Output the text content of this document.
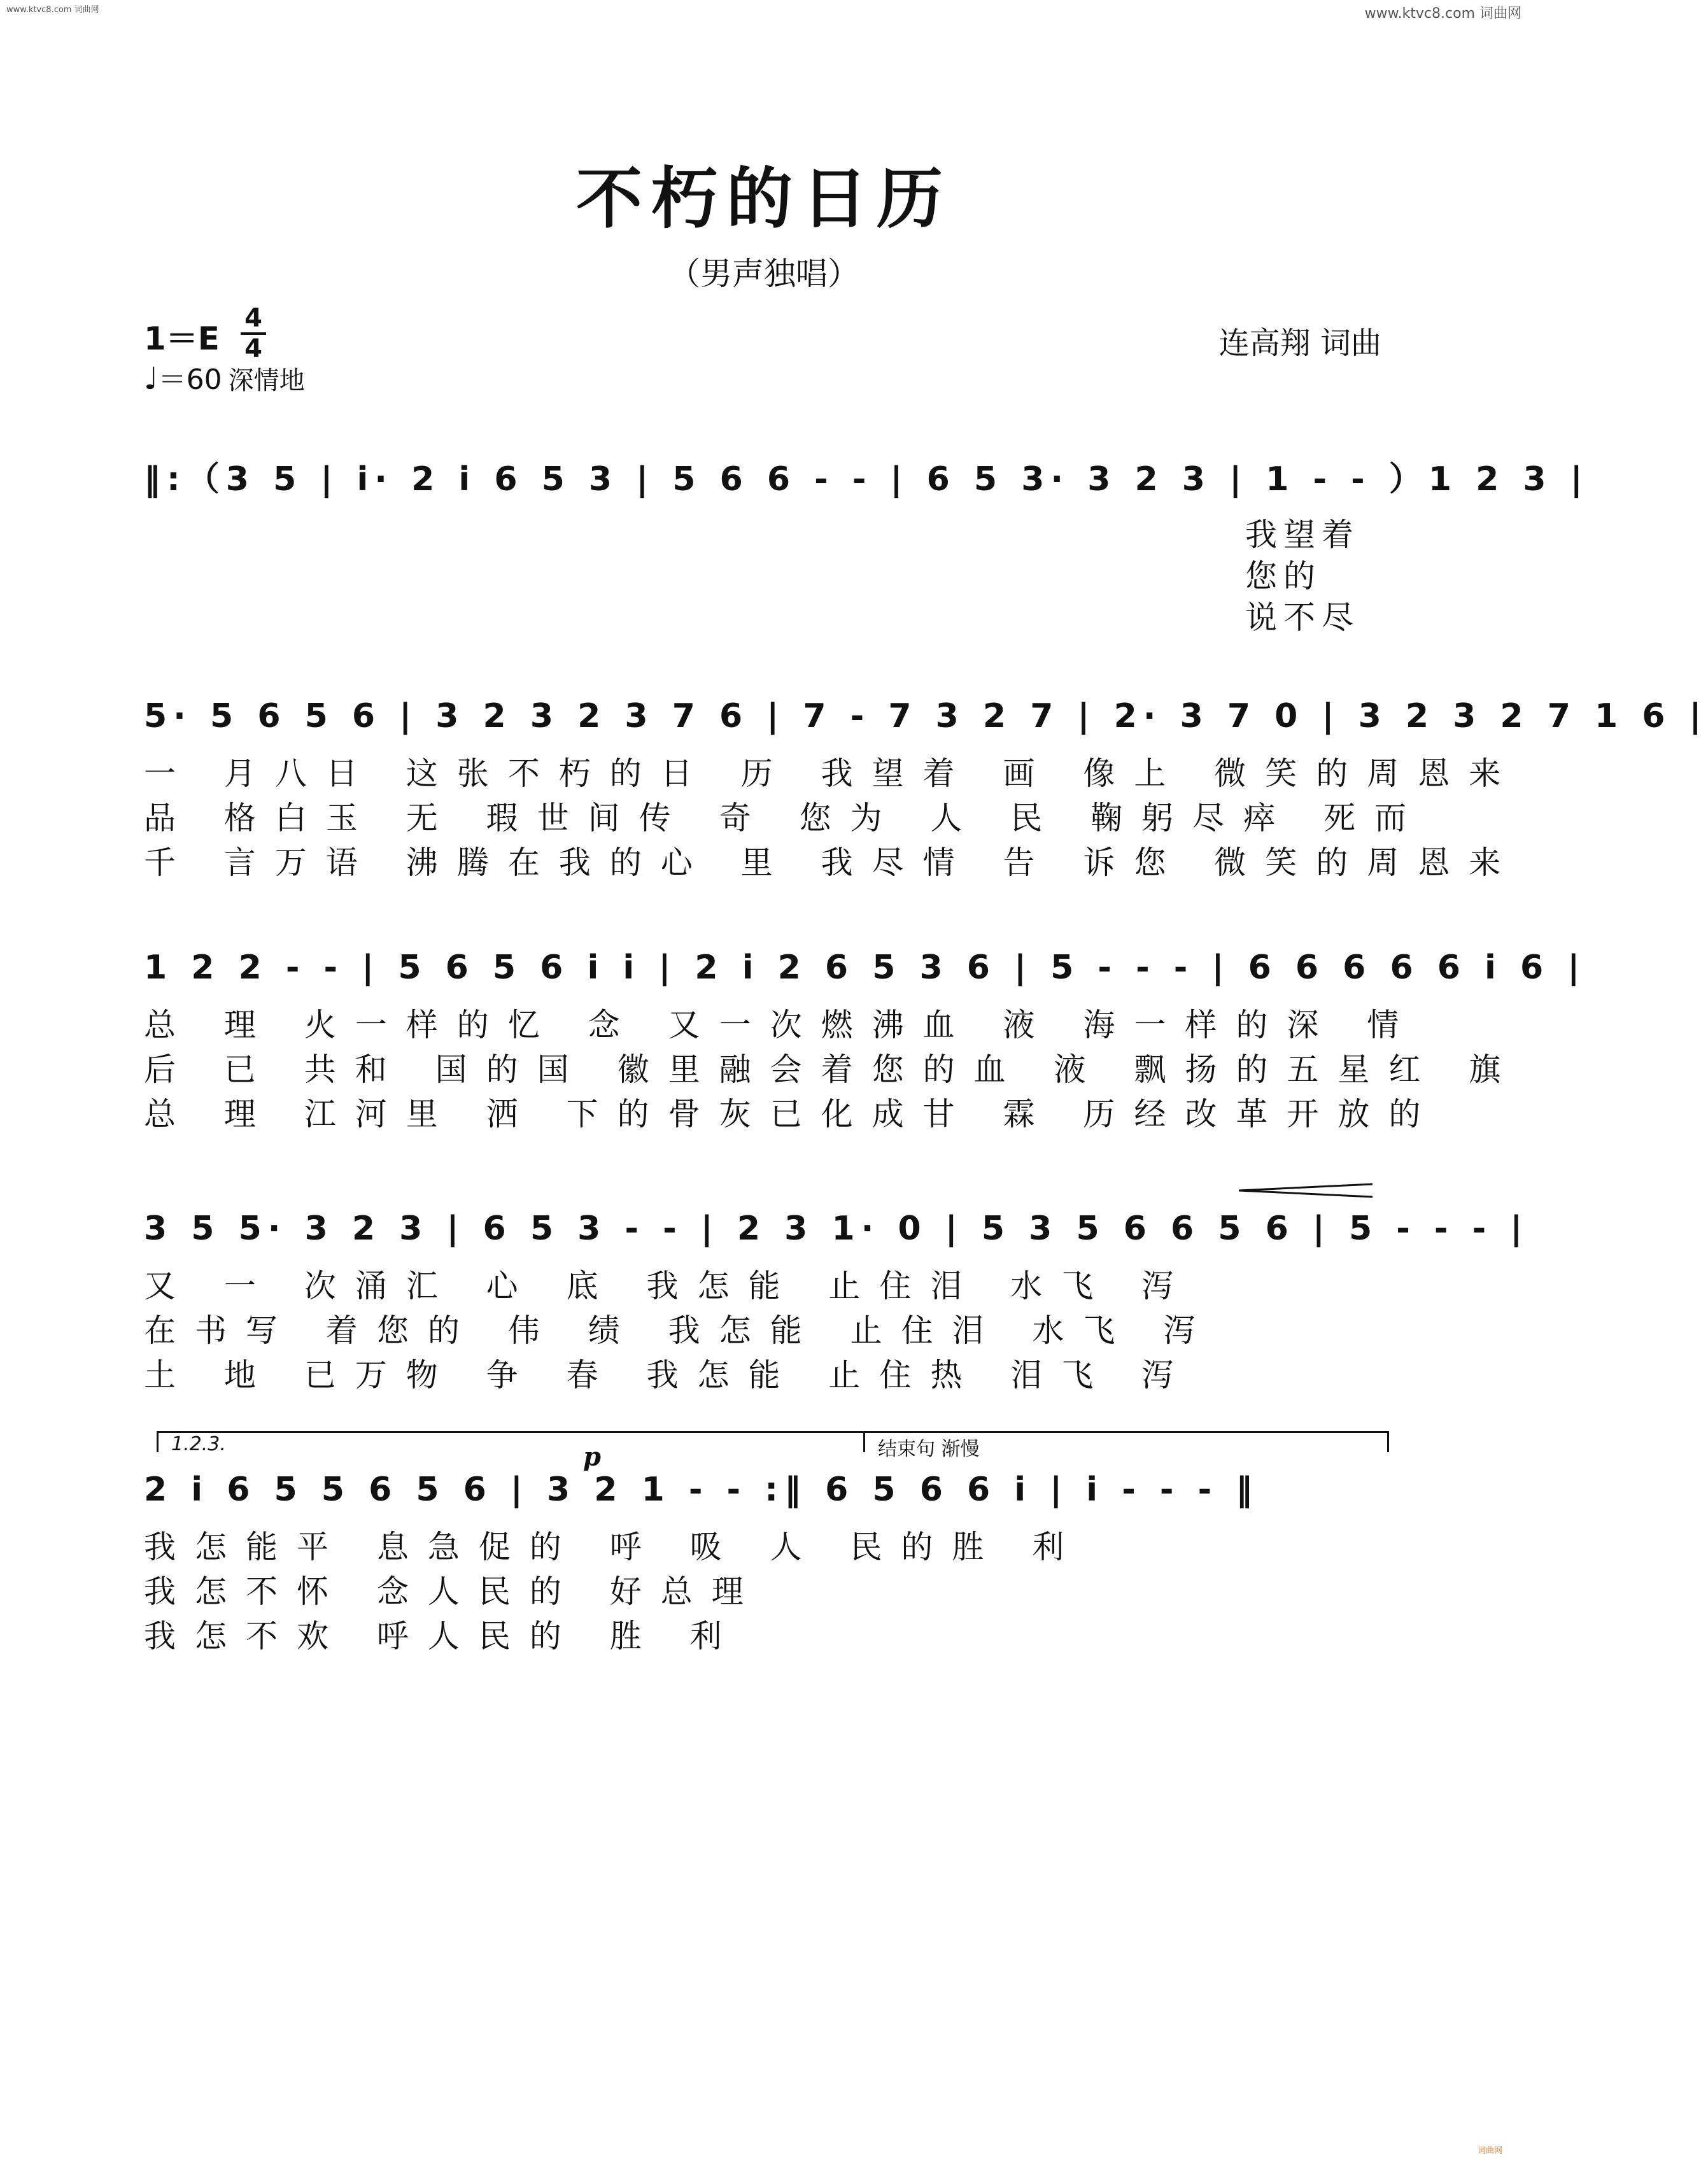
www.ktvc8.com 词曲网	www.ktvc8.com 词曲网
词曲网
不朽的日历
（男声独唱）
1＝E
4
4
♩＝60 深情地
连高翔 词曲
‖:（3 5 | i· 2 i 6 5 3 | 5 6 6 - - | 6 5 3· 3 2 3 | 1 - - ）1 2 3 |
我望着
您的
说不尽
5· 5 6 5 6 | 3 2 3 2 3 7 6 | 7 - 7 3 2 7 | 2· 3 7 0 | 3 2 3 2 7 1 6 |
一 月八日 这张不朽的日 历 我望着 画 像上 微笑的周恩来
品 格白玉 无 瑕世间传 奇 您为 人 民 鞠躬尽瘁 死而
千 言万语 沸腾在我的心 里 我尽情 告 诉您 微笑的周恩来
1 2 2 - - | 5 6 5 6 i i | 2 i 2 6 5 3 6 | 5 - - - | 6 6 6 6 6 i 6 |
总 理 火一样的忆 念 又一次燃沸血 液 海一样的深 情
后 已 共和 国的国 徽里融会着您的血 液 飘扬的五星红 旗
总 理 江河里 洒 下的骨灰已化成甘 霖 历经改革开放的
3 5 5· 3 2 3 | 6 5 3 - - | 2 3 1· 0 | 5 3 5 6 6 5 6 | 5 - - - |
又 一 次涌汇 心 底 我怎能 止住泪 水飞 泻
在书写 着您的 伟 绩 我怎能 止住泪 水飞 泻
土 地 已万物 争 春 我怎能 止住热 泪飞 泻
1.2.3.	结束句 渐慢
p
2 i 6 5 5 6 5 6 | 3 2 1 - - :‖ 6 5 6 6 i | i - - - ‖
我怎能平 息急促的 呼 吸 人 民的胜 利
我怎不怀 念人民的 好总理
我怎不欢 呼人民的 胜 利
